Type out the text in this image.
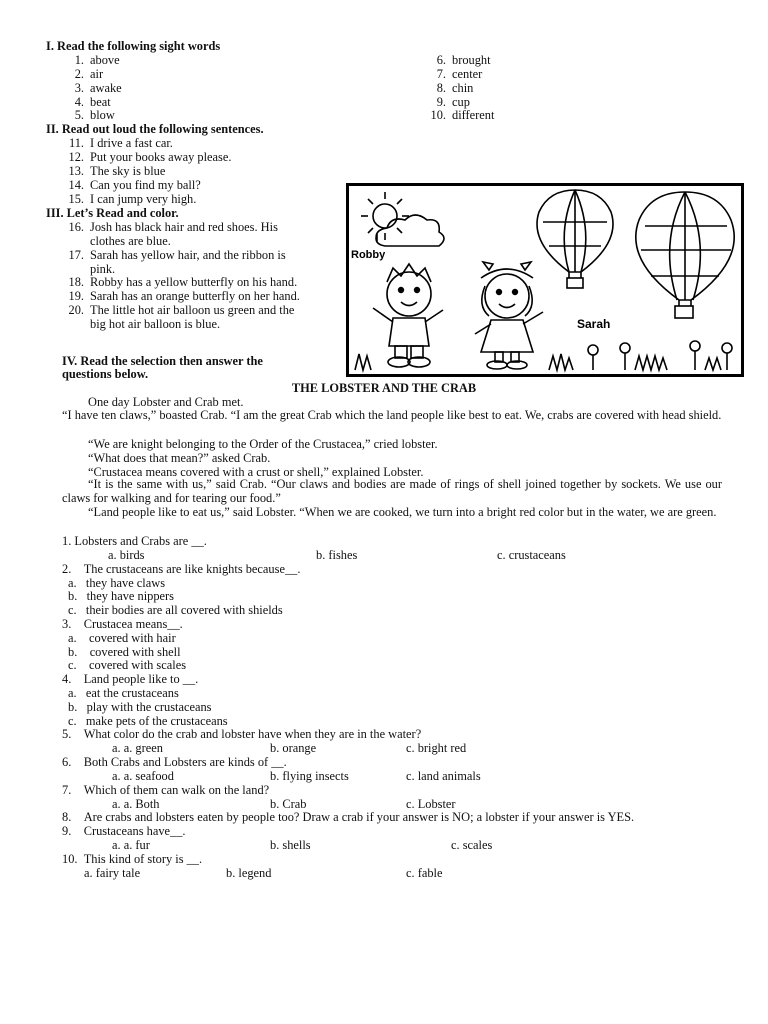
I. Read the following sight words
1. above
2. air
3. awake
4. beat
5. blow
6. brought
7. center
8. chin
9. cup
10. different
II. Read out loud the following sentences.
11. I drive a fast car.
12. Put your books away please.
13. The sky is blue
14. Can you find my ball?
15. I can jump very high.
III. Let’s Read and color.
16. Josh has black hair and red shoes. His
clothes are blue.
17. Sarah has yellow hair, and the ribbon is
pink.
18. Robby has a yellow butterfly on his hand.
19. Sarah has an orange butterfly on her hand.
20. The little hot air balloon us green and the
big hot air balloon is blue.
Robby
Sarah
IV. Read the selection then answer the
questions below.
THE LOBSTER AND THE CRAB
One day Lobster and Crab met.
“I have ten claws,” boasted Crab. “I am the great Crab which the land people like best to eat. We, crabs are covered with head shield.
“We are knight belonging to the Order of the Crustacea,” cried lobster.
“What does that mean?” asked Crab.
“Crustacea means covered with a crust or shell,” explained Lobster.
“It is the same with us,” said Crab. “Our claws and bodies are made of rings of shell joined together by sockets. We use our claws for walking and for tearing our food.”
“Land people like to eat us,” said Lobster. “When we are cooked, we turn into a bright red color but in the water, we are green.
1. Lobsters and Crabs are __.
a. birds	b. fishes	c. crustaceans
2. The crustaceans are like knights because__.
a.   they have claws
b.   they have nippers
c.   their bodies are all covered with shields
3. Crustacea means__.
a.    covered with hair
b.    covered with shell
c.    covered with scales
4. Land people like to __.
a.   eat the crustaceans
b.   play with the crustaceans
c.   make pets of the crustaceans
5. What color do the crab and lobster have when they are in the water?
a. a. green	b. orange	c. bright red
6. Both Crabs and Lobsters are kinds of __.
a. a. seafood	b. flying insects	c. land animals
7. Which of them can walk on the land?
a. a. Both	b. Crab	c. Lobster
8. Are crabs and lobsters eaten by people too? Draw a crab if your answer is NO; a lobster if your answer is YES.
9. Crustaceans have__.
a. a. fur	b. shells	c. scales
10. This kind of story is __.
a. fairy tale	b. legend	c. fable
